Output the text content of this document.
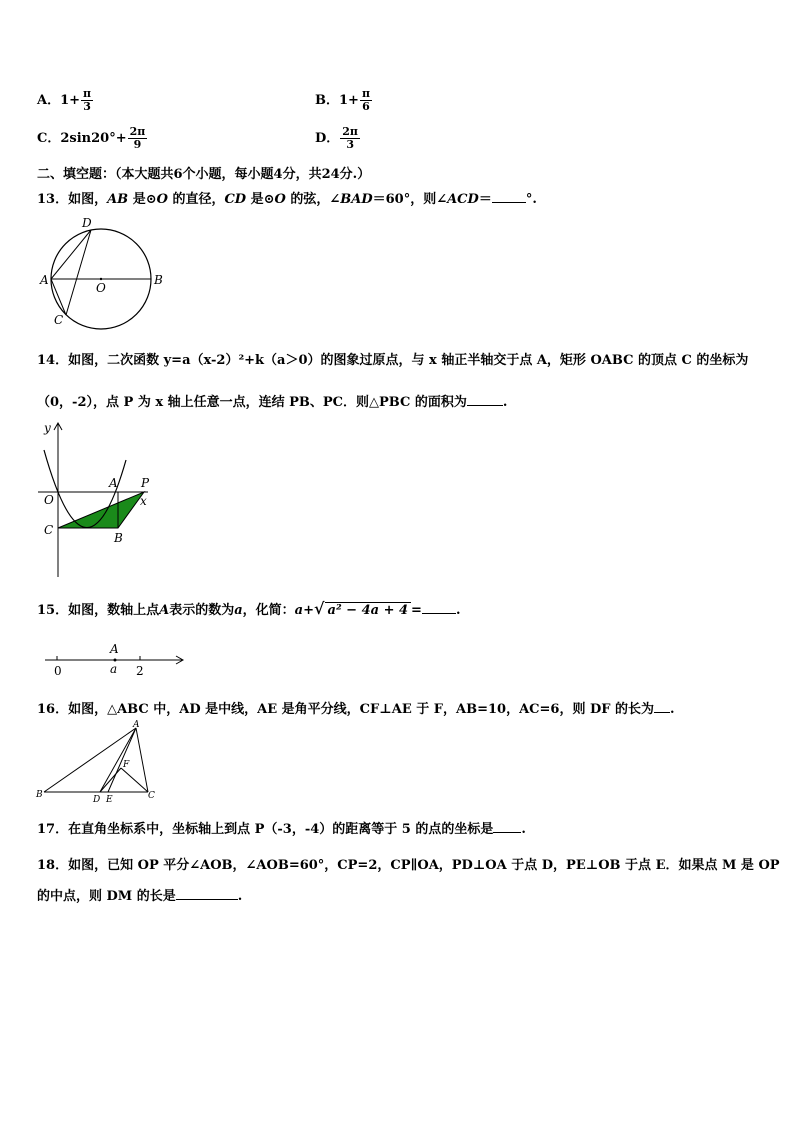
A．$1+ \frac{\pi}{3}$	B．$1+ \frac{\pi}{6}$
C．$2\sin 20^\circ+ \frac{2\pi}{9}$	D． $\frac{2\pi}{3}$
二、填空题：（本大题共6个小题，每小题4分，共24分.）
13．如图，AB 是⊙O 的直径，CD 是⊙O 的弦，∠BAD＝60°，则∠ACD＝	°.
A	B
C
D
O
14．如图，二次函数 y=a（x-2）²+k（a＞0）的图象过原点，与 x 轴正半轴交于点 A，矩形 OABC 的顶点 C 的坐标为
（0，-2），点 P 为 x 轴上任意一点，连结 PB、PC．则△PBC 的面积为	.
y
x
O
A P
C
B
15．如图，数轴上点A表示的数为a，化简：a+√ a² − 4a + 4 =	.
0
A
a 2
16．如图，△ABC 中，AD 是中线，AE 是角平分线，CF⊥AE 于 F，AB=10，AC=6，则 DF 的长为 .
A
B	C
D E
F
17．在直角坐标系中，坐标轴上到点 P（-3，-4）的距离等于 5 的点的坐标是 .
18．如图，已知 OP 平分∠AOB，∠AOB=60°，CP=2，CP∥OA，PD⊥OA 于点 D，PE⊥OB 于点 E．如果点 M 是 OP
的中点，则 DM 的长是	.
